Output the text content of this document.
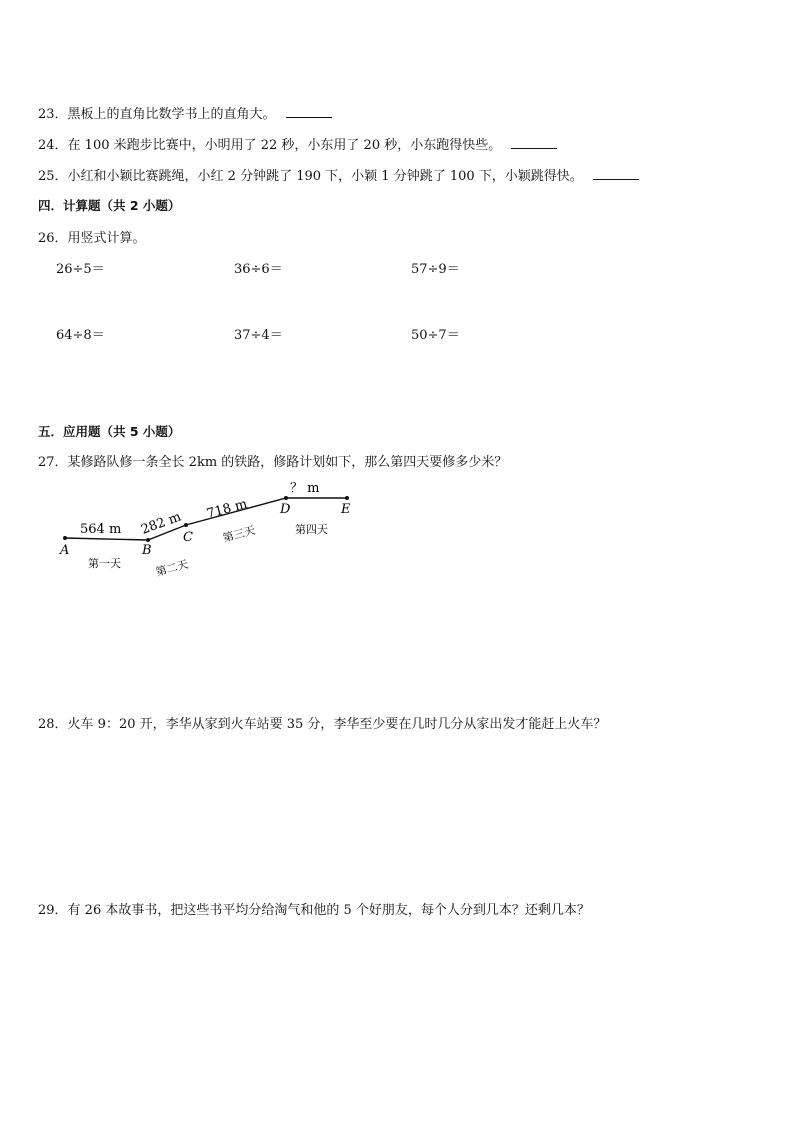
23．黑板上的直角比数学书上的直角大。
24．在 100 米跑步比赛中，小明用了 22 秒，小东用了 20 秒，小东跑得快些。
25．小红和小颖比赛跳绳，小红 2 分钟跳了 190 下，小颖 1 分钟跳了 100 下，小颖跳得快。
四．计算题（共 2 小题）
26．用竖式计算。
26÷5＝	36÷6＝	57÷9＝
64÷8＝	37÷4＝	50÷7＝
五．应用题（共 5 小题）
27．某修路队修一条全长 2km 的铁路，修路计划如下，那么第四天要修多少米？
A	B
C
D	E
564 m 282 m
718 m
？ m
第一天	第二天
第三天	第四天
28．火车 9：20 开，李华从家到火车站要 35 分，李华至少要在几时几分从家出发才能赶上火车？
29．有 26 本故事书，把这些书平均分给淘气和他的 5 个好朋友，每个人分到几本？还剩几本？
